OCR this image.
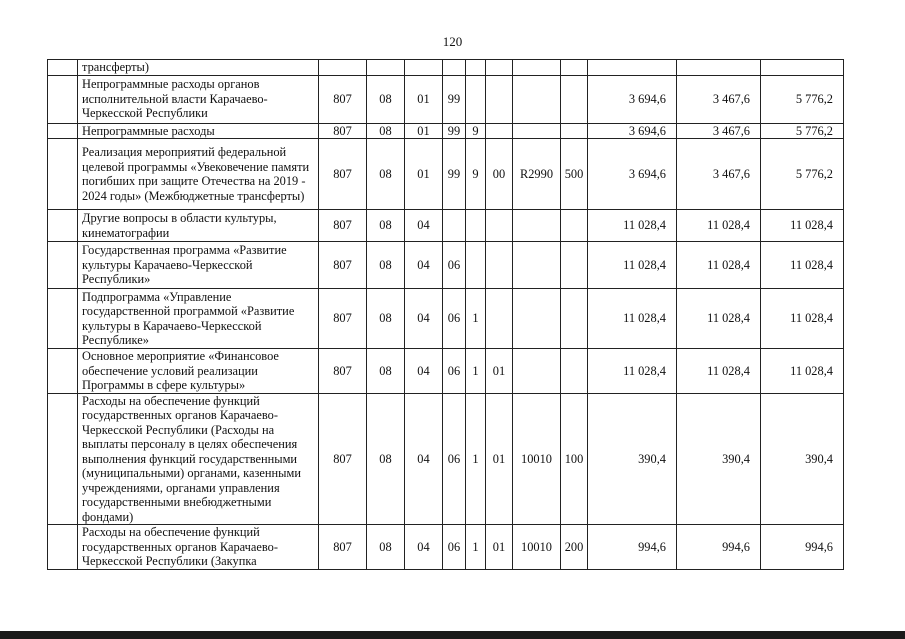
120
	трансферты)											
	Непрограммные расходы органов исполнительной власти Карачаево-Черкесской Республики	807	08	01	99					3 694,6	3 467,6	5 776,2
	Непрограммные расходы	807	08	01	99	9				3 694,6	3 467,6	5 776,2
	Реализация мероприятий федеральной целевой программы «Увековечение памяти погибших при защите Отечества на 2019 - 2024 годы» (Межбюджетные трансферты)	807	08	01	99	9	00	R2990	500	3 694,6	3 467,6	5 776,2
	Другие вопросы в области культуры, кинематографии	807	08	04						11 028,4	11 028,4	11 028,4
	Государственная программа «Развитие культуры Карачаево-Черкесской Республики»	807	08	04	06					11 028,4	11 028,4	11 028,4
	Подпрограмма «Управление государственной программой «Развитие культуры в Карачаево-Черкесской Республике»	807	08	04	06	1				11 028,4	11 028,4	11 028,4
	Основное мероприятие «Финансовое обеспечение условий реализации Программы в сфере культуры»	807	08	04	06	1	01			11 028,4	11 028,4	11 028,4
	Расходы на обеспечение функций государственных органов Карачаево-Черкесской Республики (Расходы на выплаты персоналу в целях обеспечения выполнения функций государственными (муниципальными) органами, казенными учреждениями, органами управления государственными внебюджетными фондами)	807	08	04	06	1	01	10010	100	390,4	390,4	390,4
	Расходы на обеспечение функций государственных органов Карачаево-Черкесской Республики (Закупка	807	08	04	06	1	01	10010	200	994,6	994,6	994,6
